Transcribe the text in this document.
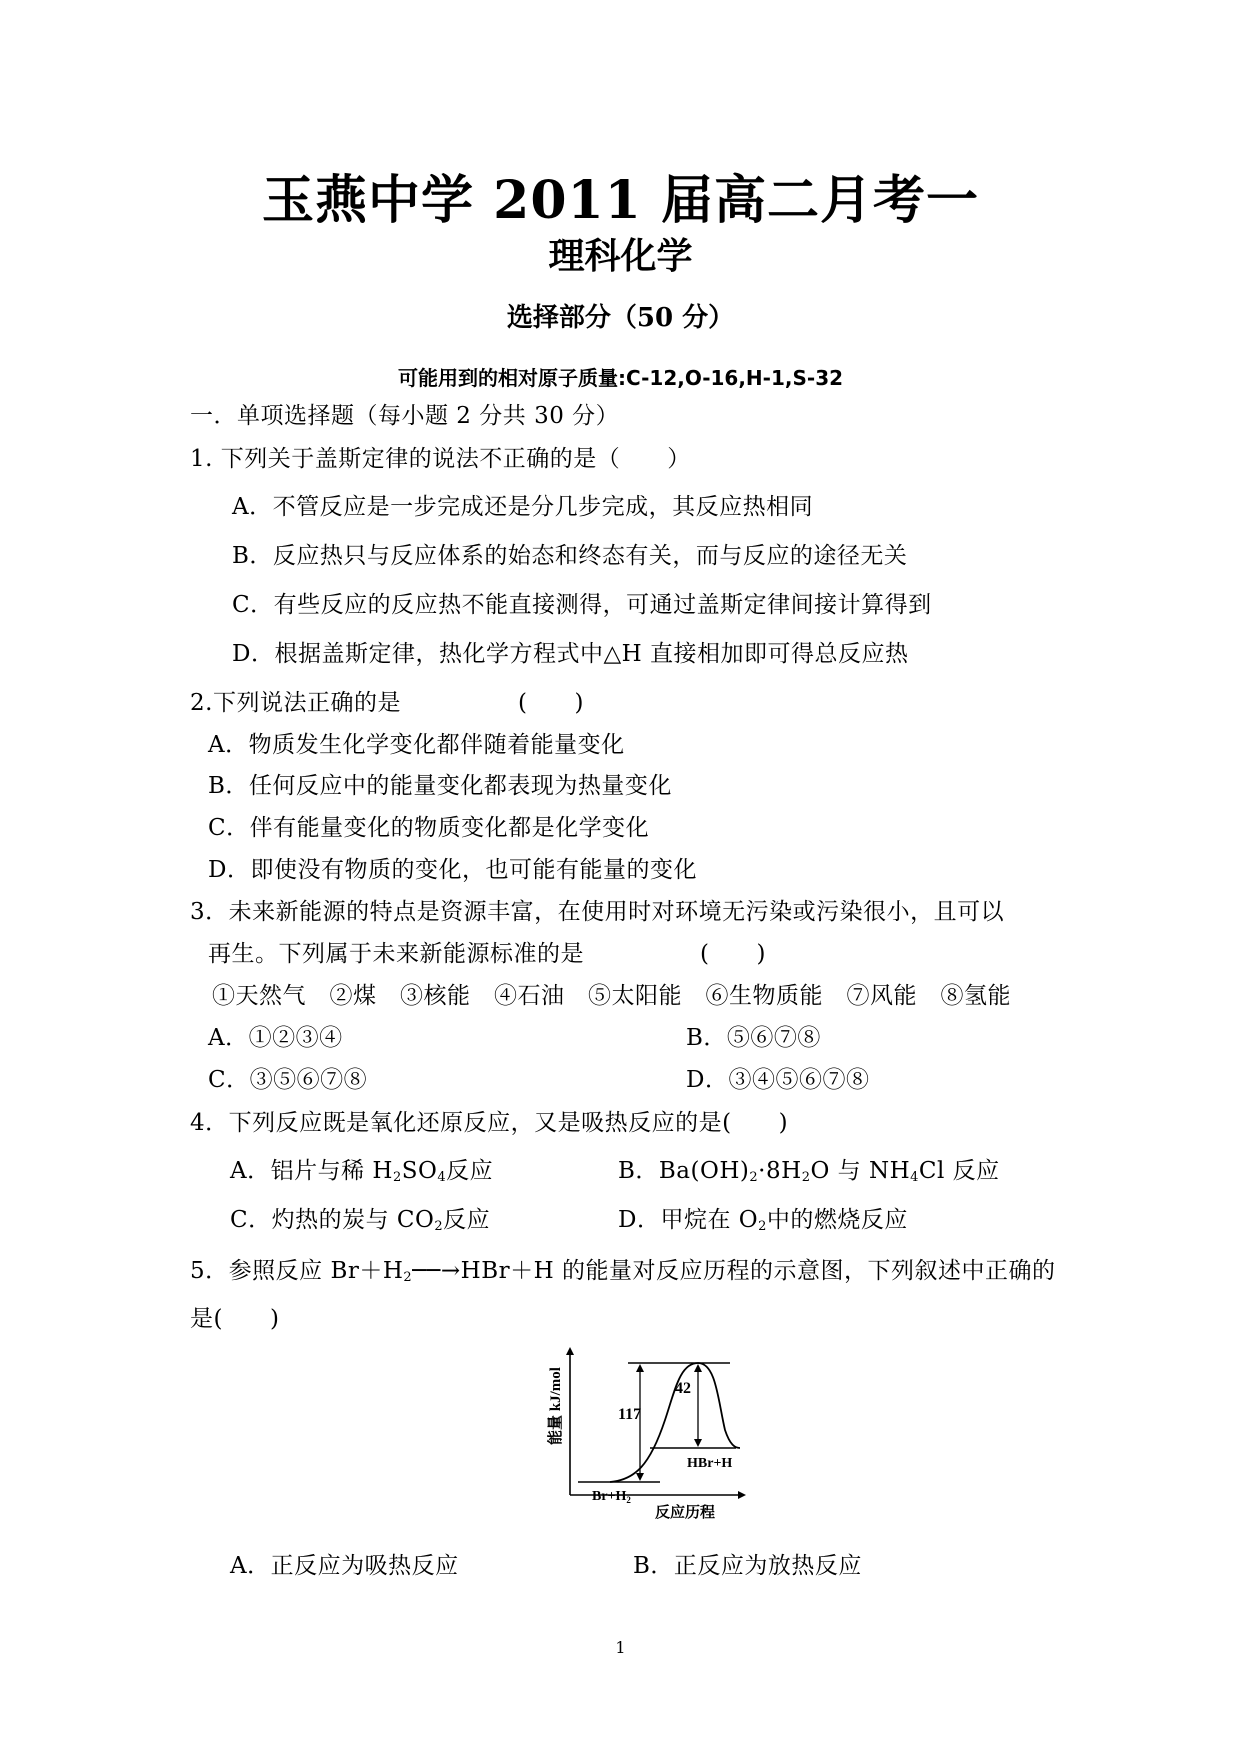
玉燕中学 2011 届高二月考一
理科化学
选择部分（50 分）
可能用到的相对原子质量:C-12,O-16,H-1,S-32
一．单项选择题（每小题 2 分共 30 分）
1. 下列关于盖斯定律的说法不正确的是（　　）
A．不管反应是一步完成还是分几步完成，其反应热相同
B．反应热只与反应体系的始态和终态有关，而与反应的途径无关
C．有些反应的反应热不能直接测得，可通过盖斯定律间接计算得到
D．根据盖斯定律，热化学方程式中△H 直接相加即可得总反应热
2.下列说法正确的是	(　　)
A．物质发生化学变化都伴随着能量变化
B．任何反应中的能量变化都表现为热量变化
C．伴有能量变化的物质变化都是化学变化
D．即使没有物质的变化，也可能有能量的变化
3．未来新能源的特点是资源丰富，在使用时对环境无污染或污染很小，且可以
再生。下列属于未来新能源标准的是	(　　)
①天然气　②煤　③核能　④石油　⑤太阳能　⑥生物质能　⑦风能　⑧氢能
A．①②③④	B．⑤⑥⑦⑧
C．③⑤⑥⑦⑧	D．③④⑤⑥⑦⑧
4．下列反应既是氧化还原反应，又是吸热反应的是(　　)
A．铝片与稀 $H_2SO_4$反应	B．$Ba(OH)_2\cdot 8H_2O$ 与 $NH_4Cl$ 反应
C．灼热的炭与 $CO_2$反应	D．甲烷在 $O_2$中的燃烧反应
5．参照反应 $Br+H_2──\to HBr+H$ 的能量对反应历程的示意图，下列叙述中正确的
是(　　)
117
42
HBr+H
$Br+H_2$
反应历程
能量 kJ/mol
A．正反应为吸热反应	B．正反应为放热反应
1
